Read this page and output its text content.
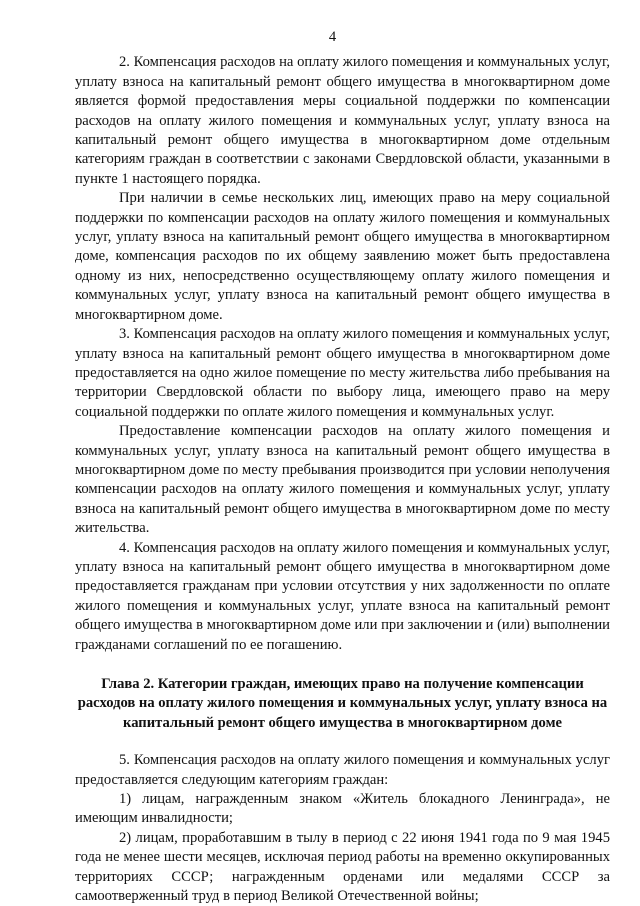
4

2. Компенсация расходов на оплату жилого помещения и коммунальных услуг, уплату взноса на капитальный ремонт общего имущества в многоквартирном доме является формой предоставления меры социальной поддержки по компенсации расходов на оплату жилого помещения и коммунальных услуг, уплату взноса на капитальный ремонт общего имущества в многоквартирном доме отдельным категориям граждан в соответствии с законами Свердловской области, указанными в пункте 1 настоящего порядка.

При наличии в семье нескольких лиц, имеющих право на меру социальной поддержки по компенсации расходов на оплату жилого помещения и коммунальных услуг, уплату взноса на капитальный ремонт общего имущества в многоквартирном доме, компенсация расходов по их общему заявлению может быть предоставлена одному из них, непосредственно осуществляющему оплату жилого помещения и коммунальных услуг, уплату взноса на капитальный ремонт общего имущества в многоквартирном доме.

3. Компенсация расходов на оплату жилого помещения и коммунальных услуг, уплату взноса на капитальный ремонт общего имущества в многоквартирном доме предоставляется на одно жилое помещение по месту жительства либо пребывания на территории Свердловской области по выбору лица, имеющего право на меру социальной поддержки по оплате жилого помещения и коммунальных услуг.

Предоставление компенсации расходов на оплату жилого помещения и коммунальных услуг, уплату взноса на капитальный ремонт общего имущества в многоквартирном доме по месту пребывания производится при условии неполучения компенсации расходов на оплату жилого помещения и коммунальных услуг, уплату взноса на капитальный ремонт общего имущества в многоквартирном доме по месту жительства.

4. Компенсация расходов на оплату жилого помещения и коммунальных услуг, уплату взноса на капитальный ремонт общего имущества в многоквартирном доме предоставляется гражданам при условии отсутствия у них задолженности по оплате жилого помещения и коммунальных услуг, уплате взноса на капитальный ремонт общего имущества в многоквартирном доме или при заключении и (или) выполнении гражданами соглашений по ее погашению.

Глава 2. Категории граждан, имеющих право на получение компенсации расходов на оплату жилого помещения и коммунальных услуг, уплату взноса на капитальный ремонт общего имущества в многоквартирном доме

5. Компенсация расходов на оплату жилого помещения и коммунальных услуг предоставляется следующим категориям граждан:

1) лицам, награжденным знаком «Житель блокадного Ленинграда», не имеющим инвалидности;

2) лицам, проработавшим в тылу в период с 22 июня 1941 года по 9 мая 1945 года не менее шести месяцев, исключая период работы на временно оккупированных территориях СССР; награжденным орденами или медалями СССР за самоотверженный труд в период Великой Отечественной войны;
